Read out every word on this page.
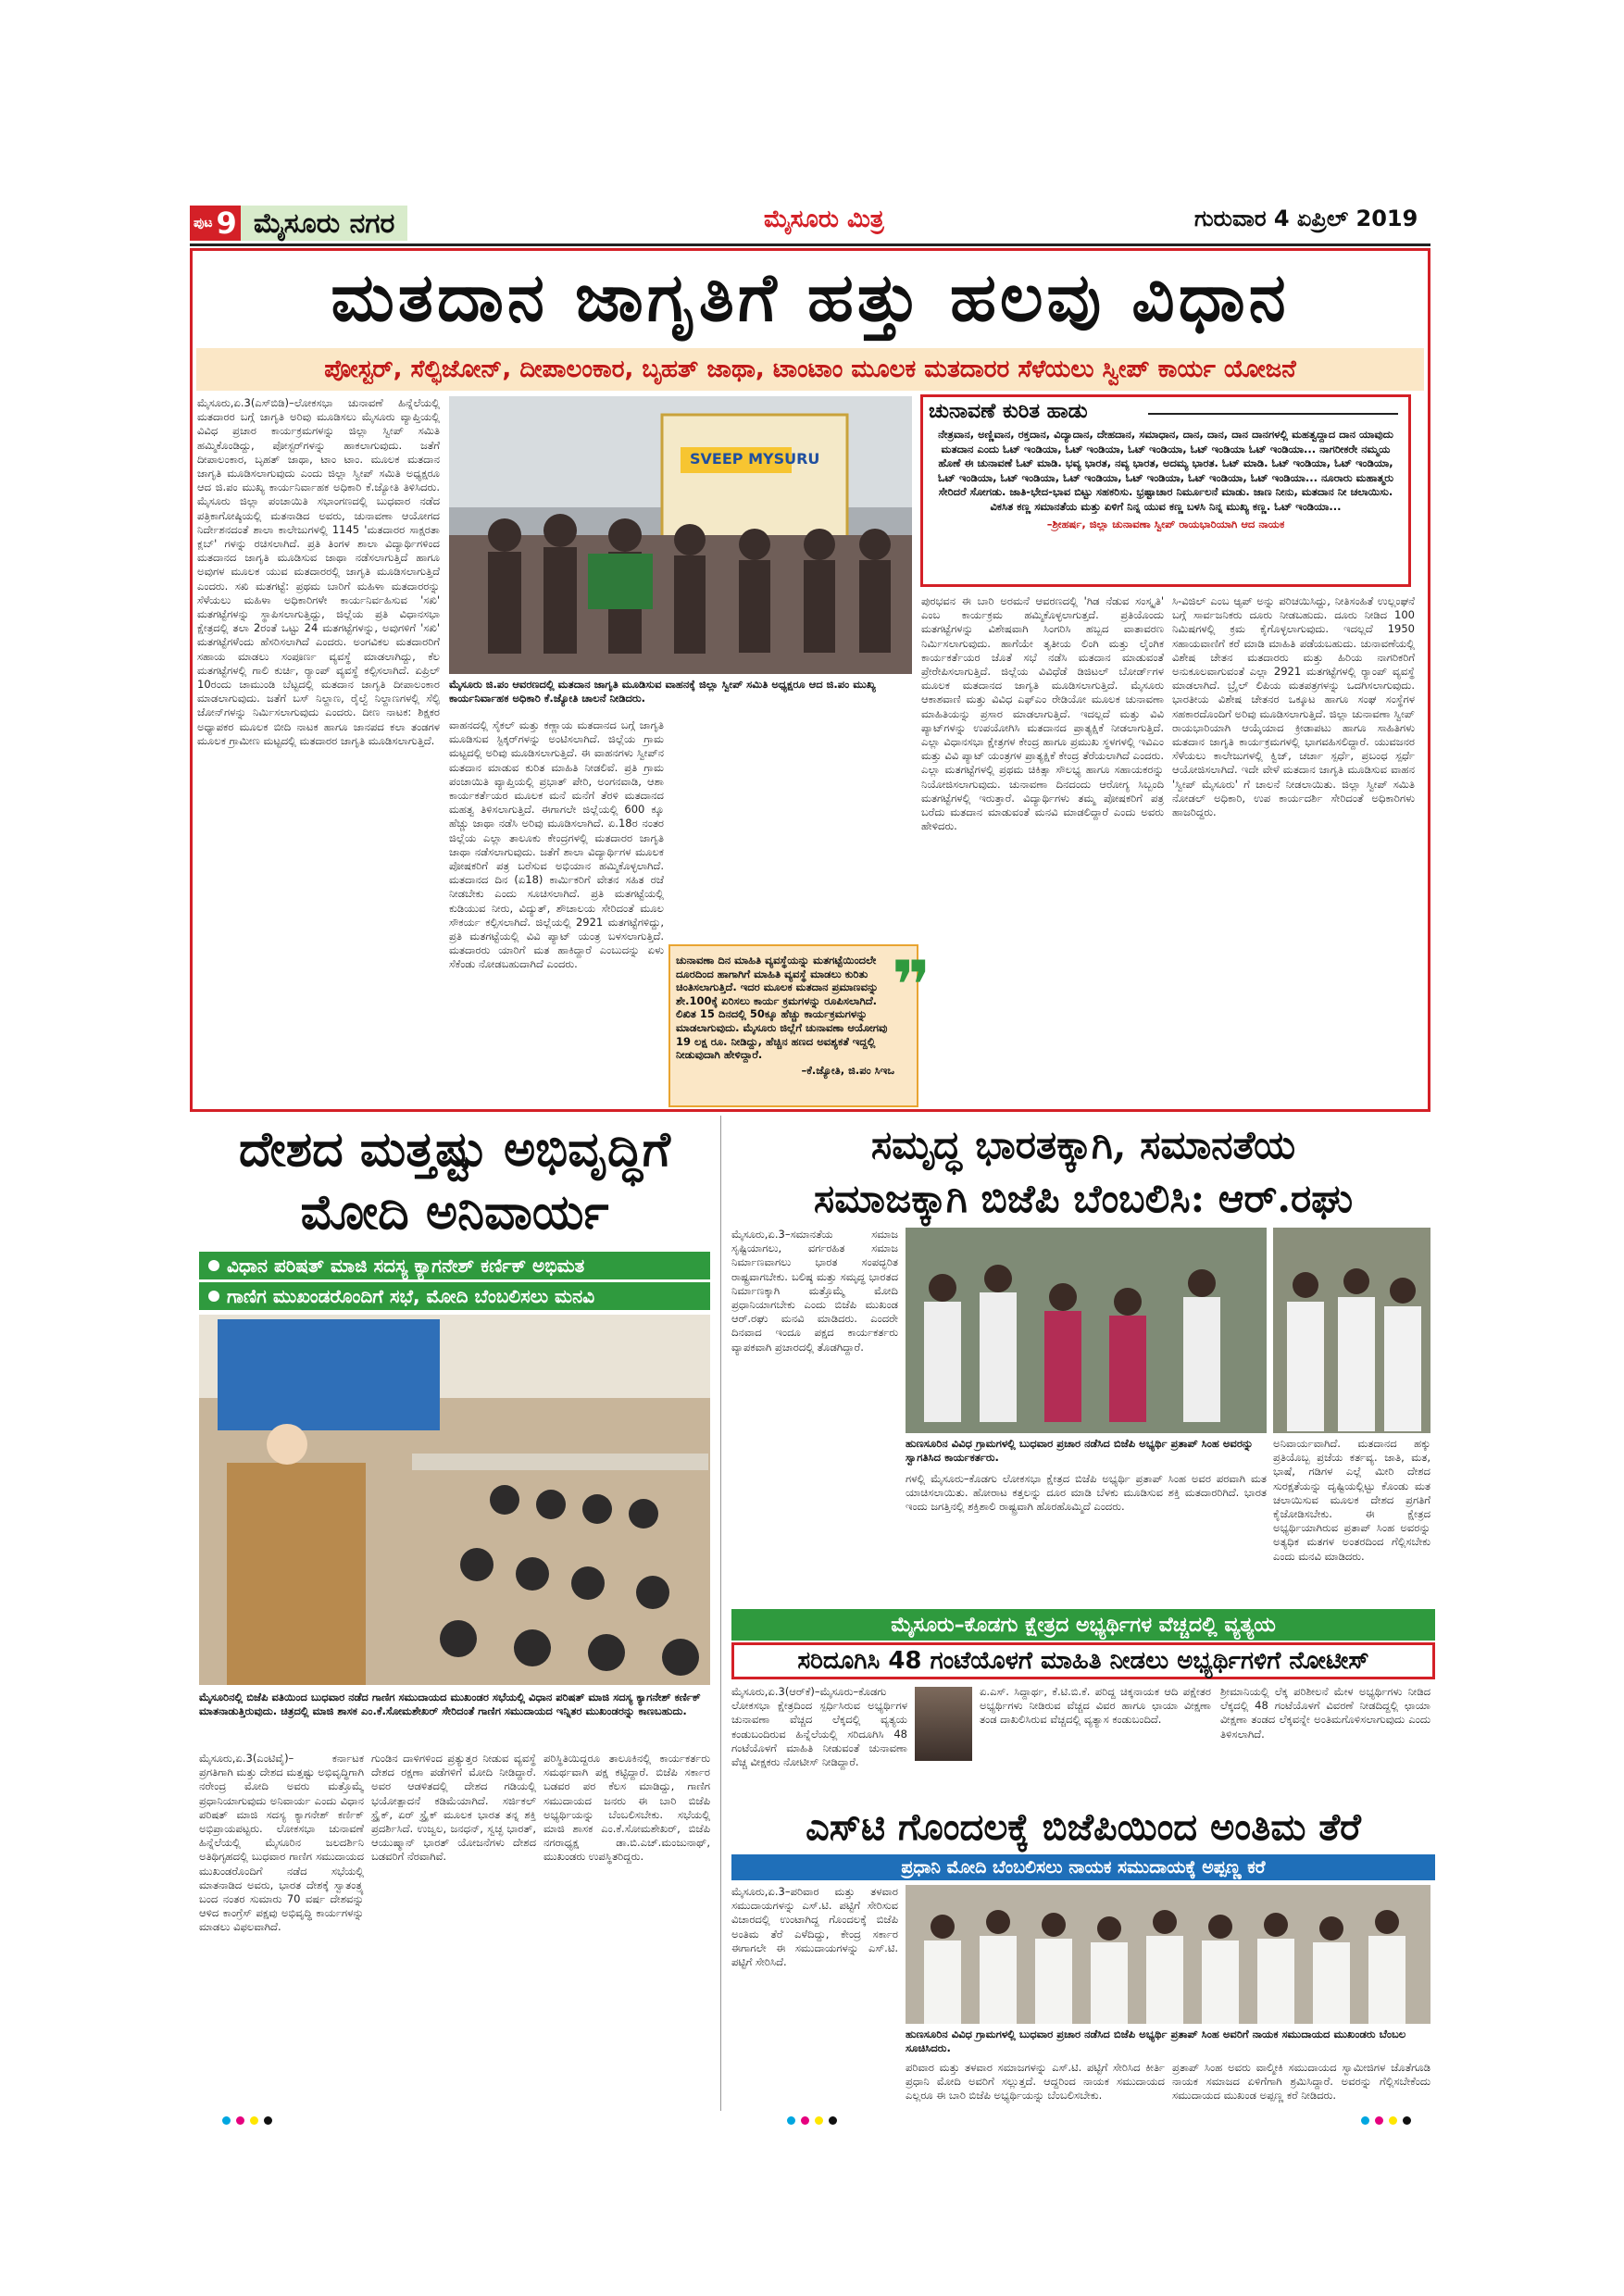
ಪುಟ 9 ಮೈಸೂರು ನಗರ	ಮೈಸೂರು ಮಿತ್ರ	ಗುರುವಾರ 4 ಏಪ್ರಿಲ್ 2019
ಮತದಾನ ಜಾಗೃತಿಗೆ ಹತ್ತು ಹಲವು ವಿಧಾನ
ಪೋಸ್ಟರ್, ಸೆಲ್ಫಿಜೋನ್, ದೀಪಾಲಂಕಾರ, ಬೃಹತ್ ಜಾಥಾ, ಟಾಂಟಾಂ ಮೂಲಕ ಮತದಾರರ ಸೆಳೆಯಲು ಸ್ವೀಪ್ ಕಾರ್ಯ ಯೋಜನೆ
ಮೈಸೂರು,ಏ.3(ಎಸ್‌ಬಿಡಿ)–ಲೋಕಸಭಾ ಚುನಾವಣೆ ಹಿನ್ನೆಲೆಯಲ್ಲಿ ಮತದಾರರ ಬಗ್ಗೆ ಜಾಗೃತಿ ಅರಿವು ಮೂಡಿಸಲು ಮೈಸೂರು ವ್ಯಾಪ್ತಿಯಲ್ಲಿ ವಿವಿಧ ಪ್ರಚಾರ ಕಾರ್ಯಕ್ರಮಗಳನ್ನು ಜಿಲ್ಲಾ ಸ್ವೀಪ್ ಸಮಿತಿ ಹಮ್ಮಿಕೊಂಡಿದ್ದು, ಪೋಸ್ಟರ್‌ಗಳನ್ನು ಹಾಕಲಾಗುವುದು. ಜತೆಗೆ ದೀಪಾಲಂಕಾರ, ಬೃಹತ್ ಜಾಥಾ, ಟಾಂ ಟಾಂ. ಮೂಲಕ ಮತದಾನ ಜಾಗೃತಿ ಮೂಡಿಸಲಾಗುವುದು ಎಂದು ಜಿಲ್ಲಾ ಸ್ವೀಪ್ ಸಮಿತಿ ಅಧ್ಯಕ್ಷರೂ ಆದ ಜಿ.ಪಂ ಮುಖ್ಯ ಕಾರ್ಯನಿರ್ವಾಹಕ ಅಧಿಕಾರಿ ಕೆ.ಜ್ಯೋತಿ ತಿಳಿಸಿದರು. ಮೈಸೂರು ಜಿಲ್ಲಾ ಪಂಚಾಯಿತಿ ಸಭಾಂಗಣದಲ್ಲಿ ಬುಧವಾರ ನಡೆದ ಪತ್ರಿಕಾಗೋಷ್ಠಿಯಲ್ಲಿ ಮತನಾಡಿದ ಅವರು, ಚುನಾವಣಾ ಆಯೋಗದ ನಿರ್ದೇಶನದಂತೆ ಶಾಲಾ ಕಾಲೇಜುಗಳಲ್ಲಿ 1145 'ಮತದಾರರ ಸಾಕ್ಷರತಾ ಕ್ಲಬ್' ಗಳನ್ನು ರಚಿಸಲಾಗಿದೆ. ಪ್ರತಿ ತಿಂಗಳ ಶಾಲಾ ವಿದ್ಯಾರ್ಥಿಗಳಿಂದ ಮತದಾನದ ಜಾಗೃತಿ ಮೂಡಿಸುವ ಜಾಥಾ ನಡೆಸಲಾಗುತ್ತಿದೆ ಹಾಗೂ ಅವುಗಳ ಮೂಲಕ ಯುವ ಮತದಾರರಲ್ಲಿ ಜಾಗೃತಿ ಮೂಡಿಸಲಾಗುತ್ತಿದೆ ಎಂದರು. ಸಖಿ ಮತಗಟ್ಟೆ: ಪ್ರಥಮ ಬಾರಿಗೆ ಮಹಿಳಾ ಮತದಾರರನ್ನು ಸೆಳೆಯಲು ಮಹಿಳಾ ಅಧಿಕಾರಿಗಳೇ ಕಾರ್ಯನಿರ್ವಹಿಸುವ 'ಸಖಿ' ಮತಗಟ್ಟೆಗಳನ್ನು ಸ್ಥಾಪಿಸಲಾಗುತ್ತಿದ್ದು, ಜಿಲ್ಲೆಯ ಪ್ರತಿ ವಿಧಾನಸಭಾ ಕ್ಷೇತ್ರದಲ್ಲಿ ತಲಾ 2ರಂತೆ ಒಟ್ಟು 24 ಮತಗಟ್ಟೆಗಳನ್ನು, ಅವುಗಳಿಗೆ 'ಸಖಿ' ಮತಗಟ್ಟೆಗಳೆಂದು ಹೆಸರಿಸಲಾಗಿದೆ ಎಂದರು. ಅಂಗವಿಕಲ ಮತದಾರರಿಗೆ ಸಹಾಯ ಮಾಡಲು ಸಂಪೂರ್ಣ ವ್ಯವಸ್ಥೆ ಮಾಡಲಾಗಿದ್ದು, ಕೆಲ ಮತಗಟ್ಟೆಗಳಲ್ಲಿ ಗಾಲಿ ಕುರ್ಚಿ, ರ‍್ಯಾಂಪ್ ವ್ಯವಸ್ಥೆ ಕಲ್ಪಿಸಲಾಗಿದೆ. ಏಪ್ರಿಲ್ 10ರಂದು ಚಾಮುಂಡಿ ಬೆಟ್ಟದಲ್ಲಿ ಮತದಾನ ಜಾಗೃತಿ ದೀಪಾಲಂಕಾರ ಮಾಡಲಾಗುವುದು. ಜತೆಗೆ ಬಸ್ ನಿಲ್ದಾಣ, ರೈಲ್ವೆ ನಿಲ್ದಾಣಗಳಲ್ಲಿ ಸೆಲ್ಫಿ ಜೋನ್‌ಗಳನ್ನು ನಿರ್ಮಿಸಲಾಗುವುದು ಎಂದರು. ದೀಣ ನಾಟಕ: ಶಿಕ್ಷಕರ ಅಧ್ಯಾಪಕರ ಮೂಲಕ ಬೀದಿ ನಾಟಕ ಹಾಗೂ ಜಾನಪದ ಕಲಾ ತಂಡಗಳ ಮೂಲಕ ಗ್ರಾಮೀಣ ಮಟ್ಟದಲ್ಲಿ ಮತದಾರರ ಜಾಗೃತಿ ಮೂಡಿಸಲಾಗುತ್ತಿದೆ.
SVEEP MYSURU
ಮೈಸೂರು ಜಿ.ಪಂ ಆವರಣದಲ್ಲಿ ಮತದಾನ ಜಾಗೃತಿ ಮೂಡಿಸುವ ವಾಹನಕ್ಕೆ ಜಿಲ್ಲಾ ಸ್ವೀಪ್ ಸಮಿತಿ ಅಧ್ಯಕ್ಷರೂ ಆದ ಜಿ.ಪಂ ಮುಖ್ಯ ಕಾರ್ಯನಿರ್ವಾಹಕ ಅಧಿಕಾರಿ ಕೆ.ಜ್ಯೋತಿ ಚಾಲನೆ ನೀಡಿದರು.
ವಾಹನದಲ್ಲಿ ಸೈಕಲ್ ಮತ್ತು ಕಣ್ಣಾಯ ಮತದಾನದ ಬಗ್ಗೆ ಜಾಗೃತಿ ಮೂಡಿಸುವ ಸ್ಟಿಕ್ಕರ್‌ಗಳನ್ನು ಅಂಟಿಸಲಾಗಿದೆ. ಜಿಲ್ಲೆಯ ಗ್ರಾಮ ಮಟ್ಟದಲ್ಲಿ ಅರಿವು ಮೂಡಿಸಲಾಗುತ್ತಿದೆ. ಈ ವಾಹನಗಳು ಸ್ವೀಪ್‌ನ ಮತದಾನ ಮಾಡುವ ಕುರಿತ ಮಾಹಿತಿ ನೀಡಲಿವೆ. ಪ್ರತಿ ಗ್ರಾಮ ಪಂಚಾಯಿತಿ ವ್ಯಾಪ್ತಿಯಲ್ಲಿ ಪ್ರಭಾತ್ ಪೇರಿ, ಅಂಗನವಾಡಿ, ಆಶಾ ಕಾರ್ಯಕರ್ತೆಯರ ಮೂಲಕ ಮನೆ ಮನೆಗೆ ತೆರಳಿ ಮತದಾನದ ಮಹತ್ವ ತಿಳಿಸಲಾಗುತ್ತಿದೆ. ಈಗಾಗಲೇ ಜಿಲ್ಲೆಯಲ್ಲಿ 600 ಕ್ಕೂ ಹೆಚ್ಚು ಜಾಥಾ ನಡೆಸಿ ಅರಿವು ಮೂಡಿಸಲಾಗಿದೆ. ಏ.18ರ ನಂತರ ಜಿಲ್ಲೆಯ ಎಲ್ಲಾ ತಾಲೂಕು ಕೇಂದ್ರಗಳಲ್ಲಿ ಮತದಾರರ ಜಾಗೃತಿ ಜಾಥಾ ನಡೆಸಲಾಗುವುದು. ಜತೆಗೆ ಶಾಲಾ ವಿದ್ಯಾರ್ಥಿಗಳ ಮೂಲಕ ಪೋಷಕರಿಗೆ ಪತ್ರ ಬರೆಸುವ ಅಭಿಯಾನ ಹಮ್ಮಿಕೊಳ್ಳಲಾಗಿದೆ. ಮತದಾನದ ದಿನ (ಏ18) ಕಾರ್ಮಿಕರಿಗೆ ವೇತನ ಸಹಿತ ರಜೆ ನೀಡಬೇಕು ಎಂದು ಸೂಚಿಸಲಾಗಿದೆ. ಪ್ರತಿ ಮತಗಟ್ಟೆಯಲ್ಲಿ ಕುಡಿಯುವ ನೀರು, ವಿದ್ಯುತ್, ಶೌಚಾಲಯ ಸೇರಿದಂತೆ ಮೂಲ ಸೌಕರ್ಯ ಕಲ್ಪಿಸಲಾಗಿದೆ. ಜಿಲ್ಲೆಯಲ್ಲಿ 2921 ಮತಗಟ್ಟೆಗಳಿದ್ದು, ಪ್ರತಿ ಮತಗಟ್ಟೆಯಲ್ಲಿ ವಿವಿ ಪ್ಯಾಟ್ ಯಂತ್ರ ಬಳಸಲಾಗುತ್ತಿದೆ. ಮತದಾರರು ಯಾರಿಗೆ ಮತ ಹಾಕಿದ್ದಾರೆ ಎಂಬುದನ್ನು ಏಳು ಸೆಕೆಂಡು ನೋಡಬಹುದಾಗಿದೆ ಎಂದರು.	ಚುನಾವಣಾ ದಿನ ಮಾಹಿತಿ ವ್ಯವಸ್ಥೆಯನ್ನು ಮತಗಟ್ಟೆಯಿಂದಲೇ ದೂರದಿಂದ ಹಾಗಾಗಿಗೆ ಮಾಹಿತಿ ವ್ಯವಸ್ಥೆ ಮಾಡಲು ಕುರಿತು ಚಿಂತಿಸಲಾಗುತ್ತಿದೆ. ಇದರ ಮೂಲಕ ಮತದಾನ ಪ್ರಮಾಣವನ್ನು ಶೇ.100ಕ್ಕೆ ಏರಿಸಲು ಕಾರ್ಯ ಕ್ರಮಗಳನ್ನು ರೂಪಿಸಲಾಗಿದೆ. ಲಿಖಿತ 15 ದಿನದಲ್ಲಿ 50ಕ್ಕೂ ಹೆಚ್ಚು ಕಾರ್ಯಕ್ರಮಗಳನ್ನು ಮಾಡಲಾಗುವುದು. ಮೈಸೂರು ಜಿಲ್ಲೆಗೆ ಚುನಾವಣಾ ಆಯೋಗವು 19 ಲಕ್ಷ ರೂ. ನೀಡಿದ್ದು, ಹೆಚ್ಚಿನ ಹಣದ ಅವಶ್ಯಕತೆ ಇದ್ದಲ್ಲಿ ನೀಡುವುದಾಗಿ ಹೇಳಿದ್ದಾರೆ.
–ಕೆ.ಜ್ಯೋತಿ, ಜಿ.ಪಂ ಸಿಇಒ
❞
ಚುನಾವಣೆ ಕುರಿತ ಹಾಡು
ನೇತ್ರವಾನ, ಅಣ್ಣಿವಾನ, ರಕ್ತದಾನ, ವಿದ್ಯಾದಾನ, ದೇಹದಾನ, ಸಮಾಧಾನ, ದಾನ, ದಾನ, ದಾನ ದಾನಗಳಲ್ಲಿ ಮಹತ್ವದ್ದಾದ ದಾನ ಯಾವುದು ಮತದಾನ ಎಂದು ಓಟ್ ಇಂಡಿಯಾ, ಓಟ್ ಇಂಡಿಯಾ, ಓಟ್ ಇಂಡಿಯಾ, ಓಟ್ ಇಂಡಿಯಾ ಓಟ್ ಇಂಡಿಯಾ... ನಾಗರೀಕರೇ ನಮ್ಮಯ ಹೊಣೆ ಈ ಚುನಾವಣೆ ಓಟ್ ಮಾಡಿ. ಭವ್ಯ ಭಾರತ, ನವ್ಯ ಭಾರತ, ಅದಮ್ಯ ಭಾರತ. ಓಟ್ ಮಾಡಿ. ಓಟ್ ಇಂಡಿಯಾ, ಓಟ್ ಇಂಡಿಯಾ, ಓಟ್ ಇಂಡಿಯಾ, ಓಟ್ ಇಂಡಿಯಾ, ಓಟ್ ಇಂಡಿಯಾ, ಓಟ್ ಇಂಡಿಯಾ, ಓಟ್ ಇಂಡಿಯಾ, ಓಟ್ ಇಂಡಿಯಾ... ನೂರಾರು ಮಹಾತ್ಮರು ಸೇರಿದರೆ ಸೋಗಡು. ಜಾತಿ-ಭೇದ-ಭಾವ ಬಿಟ್ಟು ಸಹಕರಿಸು. ಭ್ರಷ್ಟಾಚಾರ ನಿರ್ಮೂಲನೆ ಮಾಡು. ಜಾಣ ನೀನು, ಮತದಾನ ನೀ ಚಲಾಯಿಸು. ವಿಕಸಿತ ಕಣ್ಣ ಸಮಾನತೆಯ ಮತ್ತು ಏಳಿಗೆ ನಿನ್ನ ಯುವ ಕಣ್ಣ ಬಳಸಿ ನಿನ್ನ ಮುಖ್ಯ ಕಣ್ಣ. ಓಟ್ ಇಂಡಿಯಾ...
–ಶ್ರೀಹರ್ಷ, ಜಿಲ್ಲಾ ಚುನಾವಣಾ ಸ್ವೀಪ್ ರಾಯಭಾರಿಯಾಗಿ ಆದ ನಾಯಕ
ಪುರಭವನ ಈ ಬಾರಿ ಅರಮನೆ ಆವರಣದಲ್ಲಿ 'ಗಿಡ ನೆಡುವ ಸಂಸ್ಕೃತಿ' ಎಂಬ ಕಾರ್ಯಕ್ರಮ ಹಮ್ಮಿಕೊಳ್ಳಲಾಗುತ್ತದೆ. ಪ್ರತಿಯೊಂದು ಮತಗಟ್ಟೆಗಳನ್ನು ವಿಶೇಷವಾಗಿ ಸಿಂಗರಿಸಿ ಹಬ್ಬದ ವಾತಾವರಣ ನಿರ್ಮಿಸಲಾಗುವುದು. ಹಾಗೆಯೇ ತೃತೀಯ ಲಿಂಗಿ ಮತ್ತು ಲೈಂಗಿಕ ಕಾರ್ಯಕರ್ತೆಯರ ಜೊತೆ ಸಭೆ ನಡೆಸಿ ಮತದಾನ ಮಾಡುವಂತೆ ಪ್ರೇರೇಪಿಸಲಾಗುತ್ತಿದೆ. ಜಿಲ್ಲೆಯ ವಿವಿಧೆಡೆ ಡಿಜಿಟಲ್ ಬೋರ್ಡ್‌ಗಳ ಮೂಲಕ ಮತದಾನದ ಜಾಗೃತಿ ಮೂಡಿಸಲಾಗುತ್ತಿದೆ. ಮೈಸೂರು ಆಕಾಶವಾಣಿ ಮತ್ತು ವಿವಿಧ ಎಫ್‌ಎಂ ರೇಡಿಯೋ ಮೂಲಕ ಚುನಾವಣಾ ಮಾಹಿತಿಯನ್ನು ಪ್ರಸಾರ ಮಾಡಲಾಗುತ್ತಿದೆ. ಇದಲ್ಲದೆ ಮತ್ತು ವಿವಿ ಪ್ಯಾಟ್‌ಗಳನ್ನು ಉಪಯೋಗಿಸಿ ಮತದಾನದ ಪ್ರಾತ್ಯಕ್ಷಿಕೆ ನೀಡಲಾಗುತ್ತಿದೆ. ಎಲ್ಲಾ ವಿಧಾನಸಭಾ ಕ್ಷೇತ್ರಗಳ ಕೇಂದ್ರ ಹಾಗೂ ಪ್ರಮುಖ ಸ್ಥಳಗಳಲ್ಲಿ ಇವಿಎಂ ಮತ್ತು ವಿವಿ ಪ್ಯಾಟ್ ಯಂತ್ರಗಳ ಪ್ರಾತ್ಯಕ್ಷಿಕೆ ಕೇಂದ್ರ ತೆರೆಯಲಾಗಿದೆ ಎಂದರು. ಎಲ್ಲಾ ಮತಗಟ್ಟೆಗಳಲ್ಲಿ ಪ್ರಥಮ ಚಿಕಿತ್ಸಾ ಸೌಲಭ್ಯ ಹಾಗೂ ಸಹಾಯಕರನ್ನು ನಿಯೋಜಿಸಲಾಗುವುದು. ಚುನಾವಣಾ ದಿನದಂದು ಆರೋಗ್ಯ ಸಿಬ್ಬಂದಿ ಮತಗಟ್ಟೆಗಳಲ್ಲಿ ಇರುತ್ತಾರೆ. ವಿದ್ಯಾರ್ಥಿಗಳು ತಮ್ಮ ಪೋಷಕರಿಗೆ ಪತ್ರ ಬರೆದು ಮತದಾನ ಮಾಡುವಂತೆ ಮನವಿ ಮಾಡಲಿದ್ದಾರೆ ಎಂದು ಅವರು ಹೇಳಿದರು.
ಸಿ-ವಿಜಿಲ್ ಎಂಬ ಆ್ಯಪ್ ಅನ್ನು ಪರಿಚಯಿಸಿದ್ದು, ನೀತಿಸಂಹಿತೆ ಉಲ್ಲಂಘನೆ ಬಗ್ಗೆ ಸಾರ್ವಜನಿಕರು ದೂರು ನೀಡಬಹುದು. ದೂರು ನೀಡಿದ 100 ನಿಮಿಷಗಳಲ್ಲಿ ಕ್ರಮ ಕೈಗೊಳ್ಳಲಾಗುವುದು. ಇದಲ್ಲದೆ 1950 ಸಹಾಯವಾಣಿಗೆ ಕರೆ ಮಾಡಿ ಮಾಹಿತಿ ಪಡೆಯಬಹುದು. ಚುನಾವಣೆಯಲ್ಲಿ ವಿಶೇಷ ಚೇತನ ಮತದಾರರು ಮತ್ತು ಹಿರಿಯ ನಾಗರಿಕರಿಗೆ ಅನುಕೂಲವಾಗುವಂತೆ ಎಲ್ಲಾ 2921 ಮತಗಟ್ಟೆಗಳಲ್ಲಿ ರ‍್ಯಾಂಪ್ ವ್ಯವಸ್ಥೆ ಮಾಡಲಾಗಿದೆ. ಬ್ರೈಲ್ ಲಿಪಿಯ ಮತಪತ್ರಗಳನ್ನು ಒದಗಿಸಲಾಗುವುದು. ಭಾರತೀಯ ವಿಶೇಷ ಚೇತನರ ಒಕ್ಕೂಟ ಹಾಗೂ ಸಂಘ ಸಂಸ್ಥೆಗಳ ಸಹಕಾರದೊಂದಿಗೆ ಅರಿವು ಮೂಡಿಸಲಾಗುತ್ತಿದೆ. ಜಿಲ್ಲಾ ಚುನಾವಣಾ ಸ್ವೀಪ್ ರಾಯಭಾರಿಯಾಗಿ ಆಯ್ಕೆಯಾದ ಕ್ರೀಡಾಪಟು ಹಾಗೂ ಸಾಹಿತಿಗಳು ಮತದಾನ ಜಾಗೃತಿ ಕಾರ್ಯಕ್ರಮಗಳಲ್ಲಿ ಭಾಗವಹಿಸಲಿದ್ದಾರೆ. ಯುವಜನರ ಸೆಳೆಯಲು ಕಾಲೇಜುಗಳಲ್ಲಿ ಕ್ವಿಜ್, ಚರ್ಚಾ ಸ್ಪರ್ಧೆ, ಪ್ರಬಂಧ ಸ್ಪರ್ಧೆ ಆಯೋಜಿಸಲಾಗಿದೆ. ಇದೇ ವೇಳೆ ಮತದಾನ ಜಾಗೃತಿ ಮೂಡಿಸುವ ವಾಹನ 'ಸ್ವೀಪ್ ಮೈಸೂರು' ಗೆ ಚಾಲನೆ ನೀಡಲಾಯಿತು. ಜಿಲ್ಲಾ ಸ್ವೀಪ್ ಸಮಿತಿ ನೋಡಲ್ ಅಧಿಕಾರಿ, ಉಪ ಕಾರ್ಯದರ್ಶಿ ಸೇರಿದಂತೆ ಅಧಿಕಾರಿಗಳು ಹಾಜರಿದ್ದರು.
ದೇಶದ ಮತ್ತಷ್ಟು ಅಭಿವೃದ್ಧಿಗೆ
ಮೋದಿ ಅನಿವಾರ್ಯ
ವಿಧಾನ ಪರಿಷತ್ ಮಾಜಿ ಸದಸ್ಯ ಕ್ಯಾಗನೇಶ್ ಕರ್ಣಿಕ್ ಅಭಿಮತ
ಗಾಣಿಗ ಮುಖಂಡರೊಂದಿಗೆ ಸಭೆ, ಮೋದಿ ಬೆಂಬಲಿಸಲು ಮನವಿ
ಮೈಸೂರಿನಲ್ಲಿ ಬಿಜೆಪಿ ವತಿಯಿಂದ ಬುಧವಾರ ನಡೆದ ಗಾಣಿಗ ಸಮುದಾಯದ ಮುಖಂಡರ ಸಭೆಯಲ್ಲಿ ವಿಧಾನ ಪರಿಷತ್ ಮಾಜಿ ಸದಸ್ಯ ಕ್ಯಾಗನೇಶ್ ಕರ್ಣಿಕ್ ಮಾತನಾಡುತ್ತಿರುವುದು. ಚಿತ್ರದಲ್ಲಿ ಮಾಜಿ ಶಾಸಕ ಎಂ.ಕೆ.ಸೋಮಶೇಖರ್ ಸೇರಿದಂತೆ ಗಾಣಿಗ ಸಮುದಾಯದ ಇನ್ನಿತರ ಮುಖಂಡರನ್ನು ಕಾಣಬಹುದು.
ಮೈಸೂರು,ಏ.3(ಎಂಟಿವೈ)– ಕರ್ನಾಟಕ ಪ್ರಗತಿಗಾಗಿ ಮತ್ತು ದೇಶದ ಮತ್ತಷ್ಟು ಅಭಿವೃದ್ಧಿಗಾಗಿ ನರೇಂದ್ರ ಮೋದಿ ಅವರು ಮತ್ತೊಮ್ಮೆ ಪ್ರಧಾನಿಯಾಗುವುದು ಅನಿವಾರ್ಯ ಎಂದು ವಿಧಾನ ಪರಿಷತ್ ಮಾಜಿ ಸದಸ್ಯ ಕ್ಯಾಗನೇಶ್ ಕರ್ಣಿಕ್ ಅಭಿಪ್ರಾಯಪಟ್ಟರು. ಲೋಕಸಭಾ ಚುನಾವಣೆ ಹಿನ್ನೆಲೆಯಲ್ಲಿ ಮೈಸೂರಿನ ಜಲದರ್ಶಿನಿ ಅತಿಥಿಗೃಹದಲ್ಲಿ ಬುಧವಾರ ಗಾಣಿಗ ಸಮುದಾಯದ ಮುಖಂಡರೊಂದಿಗೆ ನಡೆದ ಸಭೆಯಲ್ಲಿ ಮಾತನಾಡಿದ ಅವರು, ಭಾರತ ದೇಶಕ್ಕೆ ಸ್ವಾತಂತ್ರ್ಯ ಬಂದ ನಂತರ ಸುಮಾರು 70 ವರ್ಷ ದೇಶವನ್ನು ಆಳಿದ ಕಾಂಗ್ರೆಸ್ ಪಕ್ಷವು ಅಭಿವೃದ್ಧಿ ಕಾರ್ಯಗಳನ್ನು ಮಾಡಲು ವಿಫಲವಾಗಿದೆ.
ಗುಂಡಿನ ದಾಳಿಗಳಿಂದ ಪ್ರತ್ಯುತ್ತರ ನೀಡುವ ವ್ಯವಸ್ಥೆ ದೇಶದ ರಕ್ಷಣಾ ಪಡೆಗಳಿಗೆ ಮೋದಿ ನೀಡಿದ್ದಾರೆ. ಅವರ ಆಡಳಿತದಲ್ಲಿ ದೇಶದ ಗಡಿಯಲ್ಲಿ ಭಯೋತ್ಪಾದನೆ ಕಡಿಮೆಯಾಗಿದೆ. ಸರ್ಜಿಕಲ್ ಸ್ಟ್ರೈಕ್, ಏರ್ ಸ್ಟ್ರೈಕ್ ಮೂಲಕ ಭಾರತ ತನ್ನ ಶಕ್ತಿ ಪ್ರದರ್ಶಿಸಿದೆ. ಉಜ್ವಲ, ಜನಧನ್, ಸ್ವಚ್ಛ ಭಾರತ್, ಆಯುಷ್ಮಾನ್ ಭಾರತ್ ಯೋಜನೆಗಳು ದೇಶದ ಬಡವರಿಗೆ ನೆರವಾಗಿವೆ.
ಪರಿಸ್ಥಿತಿಯಿದ್ದರೂ ತಾಲೂಕಿನಲ್ಲಿ ಕಾರ್ಯಕರ್ತರು ಸಮರ್ಥವಾಗಿ ಪಕ್ಷ ಕಟ್ಟಿದ್ದಾರೆ. ಬಿಜೆಪಿ ಸರ್ಕಾರ ಬಡವರ ಪರ ಕೆಲಸ ಮಾಡಿದ್ದು, ಗಾಣಿಗ ಸಮುದಾಯದ ಜನರು ಈ ಬಾರಿ ಬಿಜೆಪಿ ಅಭ್ಯರ್ಥಿಯನ್ನು ಬೆಂಬಲಿಸಬೇಕು. ಸಭೆಯಲ್ಲಿ ಮಾಜಿ ಶಾಸಕ ಎಂ.ಕೆ.ಸೋಮಶೇಖರ್, ಬಿಜೆಪಿ ನಗರಾಧ್ಯಕ್ಷ ಡಾ.ಬಿ.ಎಚ್.ಮಂಜುನಾಥ್, ಮುಖಂಡರು ಉಪಸ್ಥಿತರಿದ್ದರು.
ಸಮೃದ್ಧ ಭಾರತಕ್ಕಾಗಿ, ಸಮಾನತೆಯ
ಸಮಾಜಕ್ಕಾಗಿ ಬಿಜೆಪಿ ಬೆಂಬಲಿಸಿ: ಆರ್.ರಘು
ಮೈಸೂರು,ಏ.3–ಸಮಾನತೆಯ ಸಮಾಜ ಸೃಷ್ಟಿಯಾಗಲು, ವರ್ಗರಹಿತ ಸಮಾಜ ನಿರ್ಮಾಣವಾಗಲು ಭಾರತ ಸಂಪದ್ಭರಿತ ರಾಷ್ಟ್ರವಾಗಬೇಕು. ಬಲಿಷ್ಠ ಮತ್ತು ಸಮೃದ್ಧ ಭಾರತದ ನಿರ್ಮಾಣಕ್ಕಾಗಿ ಮತ್ತೊಮ್ಮೆ ಮೋದಿ ಪ್ರಧಾನಿಯಾಗಬೇಕು ಎಂದು ಬಿಜೆಪಿ ಮುಖಂಡ ಆರ್.ರಘು ಮನವಿ ಮಾಡಿದರು. ಎಂದರೇ ದಿನವಾದ ಇಂದೂ ಪಕ್ಷದ ಕಾರ್ಯಕರ್ತರು ವ್ಯಾಪಕವಾಗಿ ಪ್ರಚಾರದಲ್ಲಿ ತೊಡಗಿದ್ದಾರೆ.
ಹುಣಸೂರಿನ ವಿವಿಧ ಗ್ರಾಮಗಳಲ್ಲಿ ಬುಧವಾರ ಪ್ರಚಾರ ನಡೆಸಿದ ಬಿಜೆಪಿ ಅಭ್ಯರ್ಥಿ ಪ್ರತಾಪ್ ಸಿಂಹ ಅವರನ್ನು ಸ್ವಾಗತಿಸಿದ ಕಾರ್ಯಕರ್ತರು.
ಗಳಲ್ಲಿ ಮೈಸೂರು–ಕೊಡಗು ಲೋಕಸಭಾ ಕ್ಷೇತ್ರದ ಬಿಜೆಪಿ ಅಭ್ಯರ್ಥಿ ಪ್ರತಾಪ್ ಸಿಂಹ ಅವರ ಪರವಾಗಿ ಮತ ಯಾಚಿಸಲಾಯಿತು. ಹೋರಾಟ ಕತ್ತಲನ್ನು ದೂರ ಮಾಡಿ ಬೆಳಕು ಮೂಡಿಸುವ ಶಕ್ತಿ ಮತದಾರರಿಗಿದೆ. ಭಾರತ ಇಂದು ಜಗತ್ತಿನಲ್ಲಿ ಶಕ್ತಿಶಾಲಿ ರಾಷ್ಟ್ರವಾಗಿ ಹೊರಹೊಮ್ಮಿದೆ ಎಂದರು.
ಅನಿವಾರ್ಯವಾಗಿದೆ. ಮತದಾನದ ಹಕ್ಕು ಪ್ರತಿಯೊಬ್ಬ ಪ್ರಜೆಯ ಕರ್ತವ್ಯ. ಜಾತಿ, ಮತ, ಭಾಷೆ, ಗಡಿಗಳ ಎಲ್ಲೆ ಮೀರಿ ದೇಶದ ಸುರಕ್ಷತೆಯನ್ನು ದೃಷ್ಟಿಯಲ್ಲಿಟ್ಟು ಕೊಂಡು ಮತ ಚಲಾಯಿಸುವ ಮೂಲಕ ದೇಶದ ಪ್ರಗತಿಗೆ ಕೈಜೋಡಿಸಬೇಕು. ಈ ಕ್ಷೇತ್ರದ ಅಭ್ಯರ್ಥಿಯಾಗಿರುವ ಪ್ರತಾಪ್ ಸಿಂಹ ಅವರನ್ನು ಅತ್ಯಧಿಕ ಮತಗಳ ಅಂತರದಿಂದ ಗೆಲ್ಲಿಸಬೇಕು ಎಂದು ಮನವಿ ಮಾಡಿದರು.
ಮೈಸೂರು–ಕೊಡಗು ಕ್ಷೇತ್ರದ ಅಭ್ಯರ್ಥಿಗಳ ವೆಚ್ಚದಲ್ಲಿ ವ್ಯತ್ಯಯ
ಸರಿದೂಗಿಸಿ 48 ಗಂಟೆಯೊಳಗೆ ಮಾಹಿತಿ ನೀಡಲು ಅಭ್ಯರ್ಥಿಗಳಿಗೆ ನೋಟೀಸ್
ಮೈಸೂರು,ಏ.3(ಆರ್‌ಕೆ)–ಮೈಸೂರು–ಕೊಡಗು ಲೋಕಸಭಾ ಕ್ಷೇತ್ರದಿಂದ ಸ್ಪರ್ಧಿಸಿರುವ ಅಭ್ಯರ್ಥಿಗಳ ಚುನಾವಣಾ ವೆಚ್ಚದ ಲೆಕ್ಕದಲ್ಲಿ ವ್ಯತ್ಯಯ ಕಂಡುಬಂದಿರುವ ಹಿನ್ನೆಲೆಯಲ್ಲಿ ಸರಿದೂಗಿಸಿ 48 ಗಂಟೆಯೊಳಗೆ ಮಾಹಿತಿ ನೀಡುವಂತೆ ಚುನಾವಣಾ ವೆಚ್ಚ ವೀಕ್ಷಕರು ನೋಟೀಸ್ ನೀಡಿದ್ದಾರೆ.
ಏ.ಎಸ್. ಸಿದ್ದಾರ್ಥ, ಕೆ.ಟಿ.ಬಿ.ಕೆ. ಪರಿದ್ದ ಚಿಕ್ಕನಾಯಕ ಆದಿ ಪಕ್ಷೇತರ ಅಭ್ಯರ್ಥಿಗಳು ನೀಡಿರುವ ವೆಚ್ಚದ ವಿವರ ಹಾಗೂ ಛಾಯಾ ವೀಕ್ಷಣಾ ತಂಡ ದಾಖಲಿಸಿರುವ ವೆಚ್ಚದಲ್ಲಿ ವ್ಯತ್ಯಾಸ ಕಂಡುಬಂದಿದೆ.
ಶ್ರೀಮಾನಿಯಲ್ಲಿ ಲೆಕ್ಕ ಪರಿಶೀಲನೆ ಮೇಳ ಅಭ್ಯರ್ಥಿಗಳು ನೀಡಿದ ಲೆಕ್ಕದಲ್ಲಿ 48 ಗಂಟೆಯೊಳಗೆ ವಿವರಣೆ ನೀಡದಿದ್ದಲ್ಲಿ ಛಾಯಾ ವೀಕ್ಷಣಾ ತಂಡದ ಲೆಕ್ಕವನ್ನೇ ಅಂತಿಮಗೊಳಿಸಲಾಗುವುದು ಎಂದು ತಿಳಿಸಲಾಗಿದೆ.
ಎಸ್‌ಟಿ ಗೊಂದಲಕ್ಕೆ ಬಿಜೆಪಿಯಿಂದ ಅಂತಿಮ ತೆರೆ
ಪ್ರಧಾನಿ ಮೋದಿ ಬೆಂಬಲಿಸಲು ನಾಯಕ ಸಮುದಾಯಕ್ಕೆ ಅಪ್ಪಣ್ಣ ಕರೆ
ಮೈಸೂರು,ಏ.3–ಪರಿವಾರ ಮತ್ತು ತಳವಾರ ಸಮುದಾಯಗಳನ್ನು ಎಸ್.ಟಿ. ಪಟ್ಟಿಗೆ ಸೇರಿಸುವ ವಿಚಾರದಲ್ಲಿ ಉಂಟಾಗಿದ್ದ ಗೊಂದಲಕ್ಕೆ ಬಿಜೆಪಿ ಅಂತಿಮ ತೆರೆ ಎಳೆದಿದ್ದು, ಕೇಂದ್ರ ಸರ್ಕಾರ ಈಗಾಗಲೇ ಈ ಸಮುದಾಯಗಳನ್ನು ಎಸ್.ಟಿ. ಪಟ್ಟಿಗೆ ಸೇರಿಸಿದೆ.
ಹುಣಸೂರಿನ ವಿವಿಧ ಗ್ರಾಮಗಳಲ್ಲಿ ಬುಧವಾರ ಪ್ರಚಾರ ನಡೆಸಿದ ಬಿಜೆಪಿ ಅಭ್ಯರ್ಥಿ ಪ್ರತಾಪ್ ಸಿಂಹ ಅವರಿಗೆ ನಾಯಕ ಸಮುದಾಯದ ಮುಖಂಡರು ಬೆಂಬಲ ಸೂಚಿಸಿದರು.
ಪರಿವಾರ ಮತ್ತು ತಳವಾರ ಸಮಾಜಗಳನ್ನು ಎಸ್.ಟಿ. ಪಟ್ಟಿಗೆ ಸೇರಿಸಿದ ಕೀರ್ತಿ ಪ್ರಧಾನಿ ಮೋದಿ ಅವರಿಗೆ ಸಲ್ಲುತ್ತದೆ. ಆದ್ದರಿಂದ ನಾಯಕ ಸಮುದಾಯದ ಎಲ್ಲರೂ ಈ ಬಾರಿ ಬಿಜೆಪಿ ಅಭ್ಯರ್ಥಿಯನ್ನು ಬೆಂಬಲಿಸಬೇಕು.
ಪ್ರತಾಪ್ ಸಿಂಹ ಅವರು ವಾಲ್ಮೀಕಿ ಸಮುದಾಯದ ಸ್ವಾಮೀಜಿಗಳ ಜೊತೆಗೂಡಿ ನಾಯಕ ಸಮಾಜದ ಏಳಿಗೆಗಾಗಿ ಶ್ರಮಿಸಿದ್ದಾರೆ. ಅವರನ್ನು ಗೆಲ್ಲಿಸಬೇಕೆಂದು ಸಮುದಾಯದ ಮುಖಂಡ ಅಪ್ಪಣ್ಣ ಕರೆ ನೀಡಿದರು.
